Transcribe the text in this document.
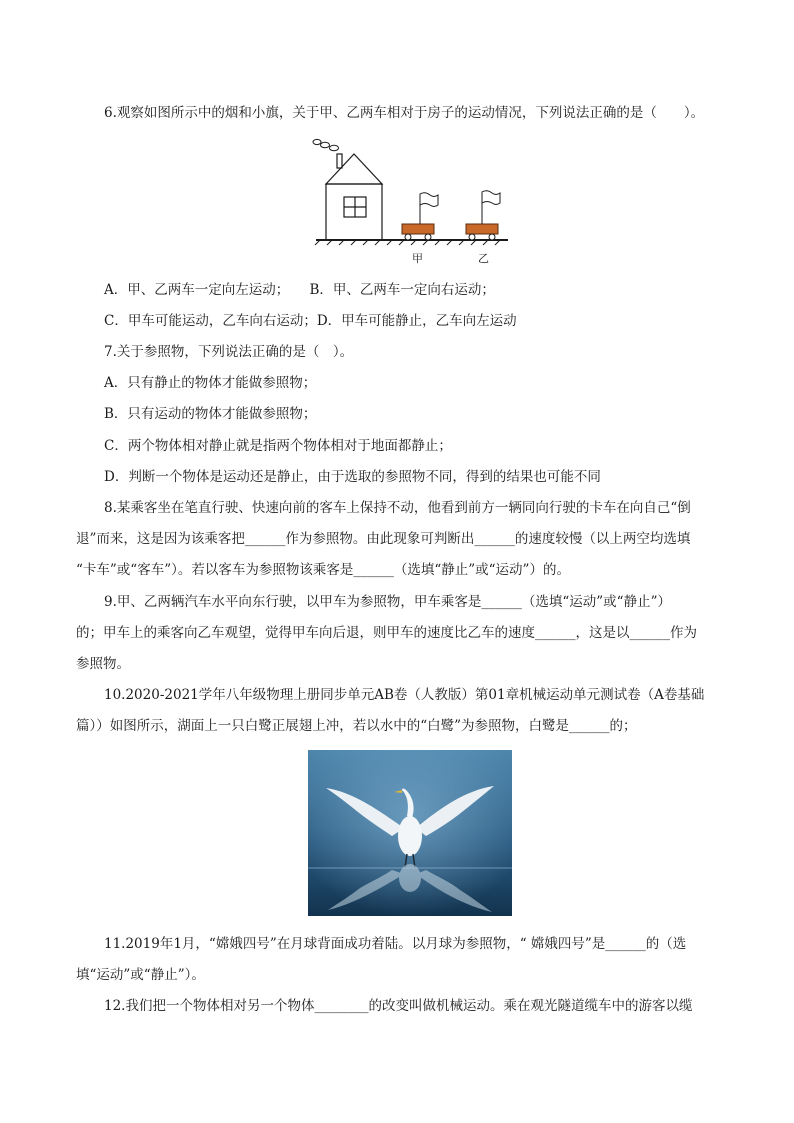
6.观察如图所示中的烟和小旗，关于甲、乙两车相对于房子的运动情况，下列说法正确的是（　　）。
甲	乙
A．甲、乙两车一定向左运动；　　B．甲、乙两车一定向右运动；
C．甲车可能运动，乙车向右运动；D．甲车可能静止，乙车向左运动
7.关于参照物，下列说法正确的是（　）。
A．只有静止的物体才能做参照物；
B．只有运动的物体才能做参照物；
C．两个物体相对静止就是指两个物体相对于地面都静止；
D．判断一个物体是运动还是静止，由于选取的参照物不同，得到的结果也可能不同
8.某乘客坐在笔直行驶、快速向前的客车上保持不动，他看到前方一辆同向行驶的卡车在向自己“倒
退”而来，这是因为该乘客把______作为参照物。由此现象可判断出______的速度较慢（以上两空均选填
“卡车”或“客车”）。若以客车为参照物该乘客是______（选填“静止”或“运动”）的。
9.甲、乙两辆汽车水平向东行驶，以甲车为参照物，甲车乘客是______（选填“运动”或“静止”）
的；甲车上的乘客向乙车观望，觉得甲车向后退，则甲车的速度比乙车的速度______，这是以______作为
参照物。
10.2020-2021学年八年级物理上册同步单元AB卷（人教版）第01章机械运动单元测试卷（A卷基础
篇））如图所示，湖面上一只白鹭正展翅上冲，若以水中的“白鹭”为参照物，白鹭是______的；
11.2019年1月，“嫦娥四号”在月球背面成功着陆。以月球为参照物，“ 嫦娥四号”是______的（选
填“运动”或“静止”）。
12.我们把一个物体相对另一个物体________的改变叫做机械运动。乘在观光隧道缆车中的游客以缆
